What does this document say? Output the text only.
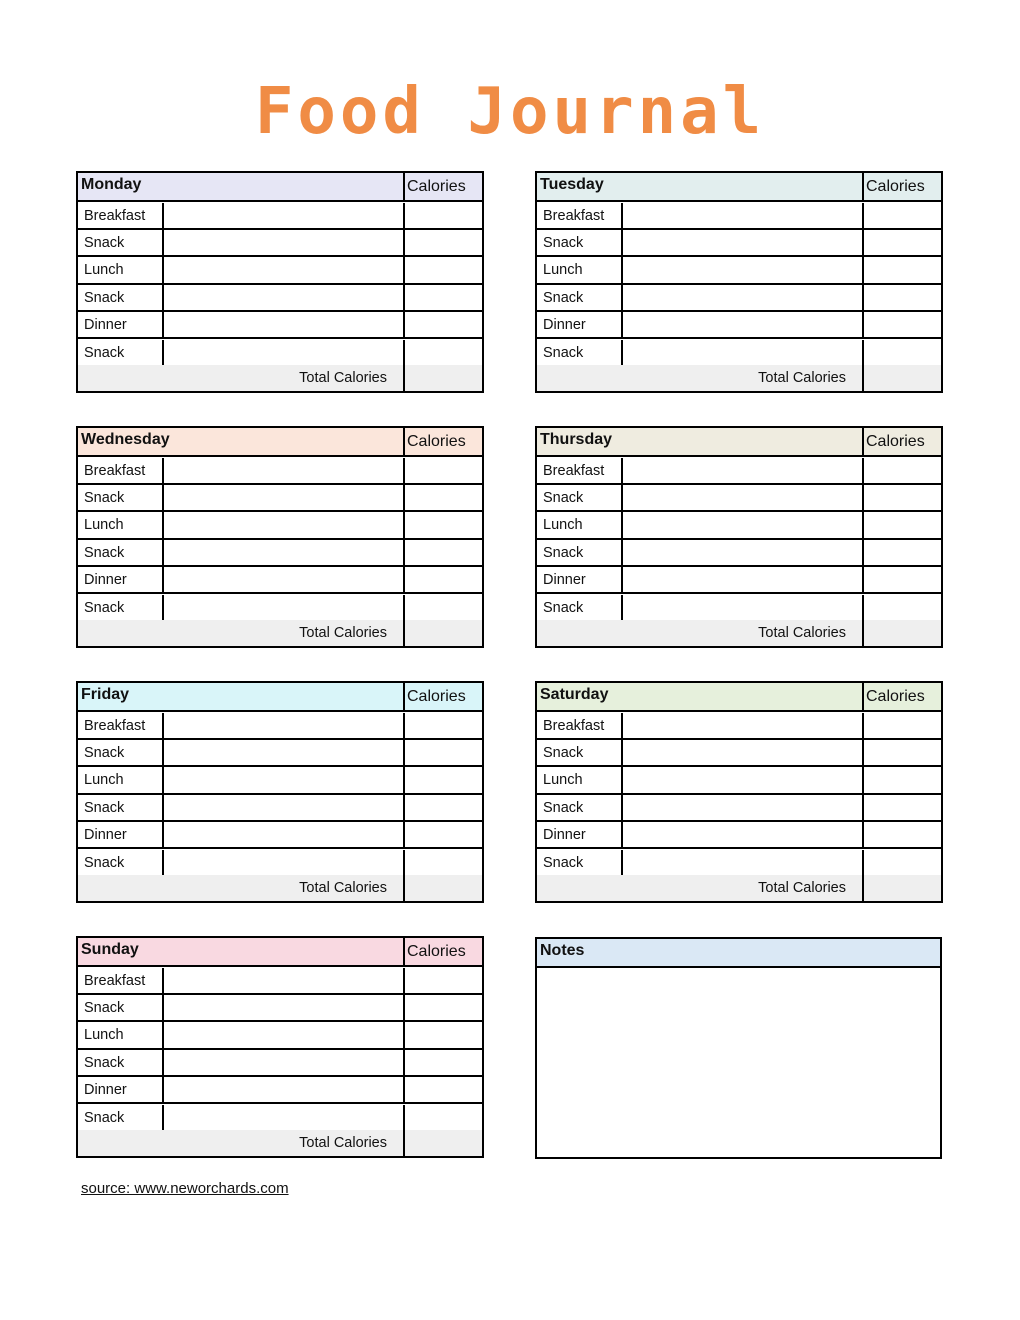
Food Journal
Monday	Calories
Breakfast
Snack
Lunch
Snack
Dinner
Snack
Total Calories
Tuesday	Calories
Breakfast
Snack
Lunch
Snack
Dinner
Snack
Total Calories
Wednesday	Calories
Breakfast
Snack
Lunch
Snack
Dinner
Snack
Total Calories
Thursday	Calories
Breakfast
Snack
Lunch
Snack
Dinner
Snack
Total Calories
Friday	Calories
Breakfast
Snack
Lunch
Snack
Dinner
Snack
Total Calories
Saturday	Calories
Breakfast
Snack
Lunch
Snack
Dinner
Snack
Total Calories
Sunday	Calories
Breakfast
Snack
Lunch
Snack
Dinner
Snack
Total Calories
Notes
source: www.neworchards.com
